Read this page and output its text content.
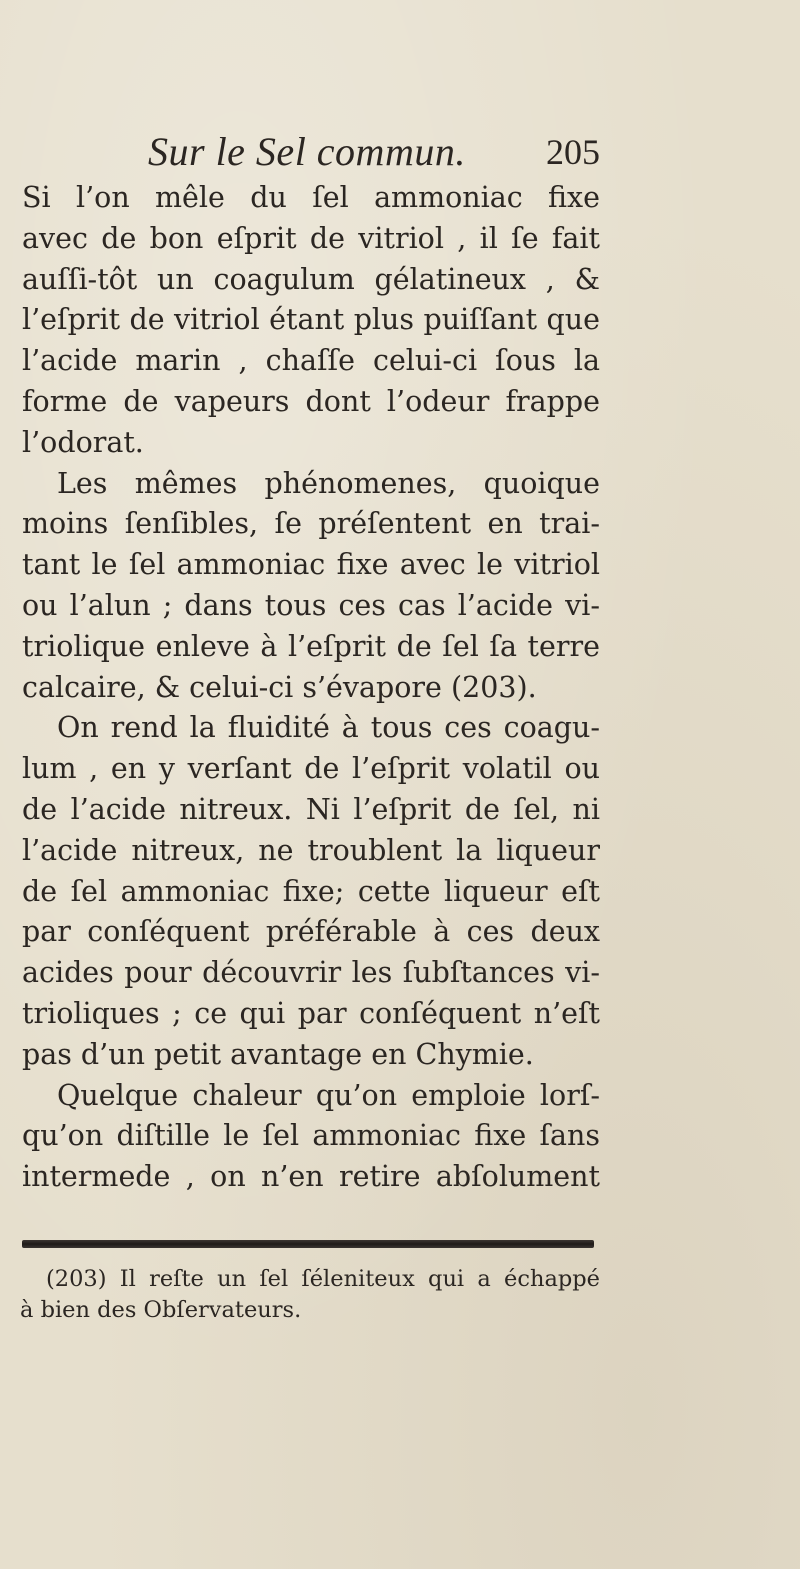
Sur le Sel commun. 205
Si l’on mêle du ſel ammoniac fixe
avec de bon eſprit de vitriol , il ſe fait
auſſi-tôt un coagulum gélatineux , &
l’eſprit de vitriol étant plus puiſſant que
l’acide marin , chaſſe celui-ci ſous la
forme de vapeurs dont l’odeur frappe
l’odorat.
Les mêmes phénomenes, quoique
moins ſenſibles, ſe préſentent en trai-
tant le ſel ammoniac fixe avec le vitriol
ou l’alun ; dans tous ces cas l’acide vi-
triolique enleve à l’eſprit de ſel ſa terre
calcaire, & celui-ci s’évapore (203).
On rend la fluidité à tous ces coagu-
lum , en y verſant de l’eſprit volatil ou
de l’acide nitreux. Ni l’eſprit de ſel, ni
l’acide nitreux, ne troublent la liqueur
de ſel ammoniac fixe; cette liqueur eſt
par conſéquent préférable à ces deux
acides pour découvrir les ſubſtances vi-
trioliques ; ce qui par conſéquent n’eſt
pas d’un petit avantage en Chymie.
Quelque chaleur qu’on emploie lorſ-
qu’on diſtille le ſel ammoniac fixe ſans
intermede , on n’en retire abſolument
(203) Il reſte un ſel ſéleniteux qui a échappé
à bien des Obſervateurs.
